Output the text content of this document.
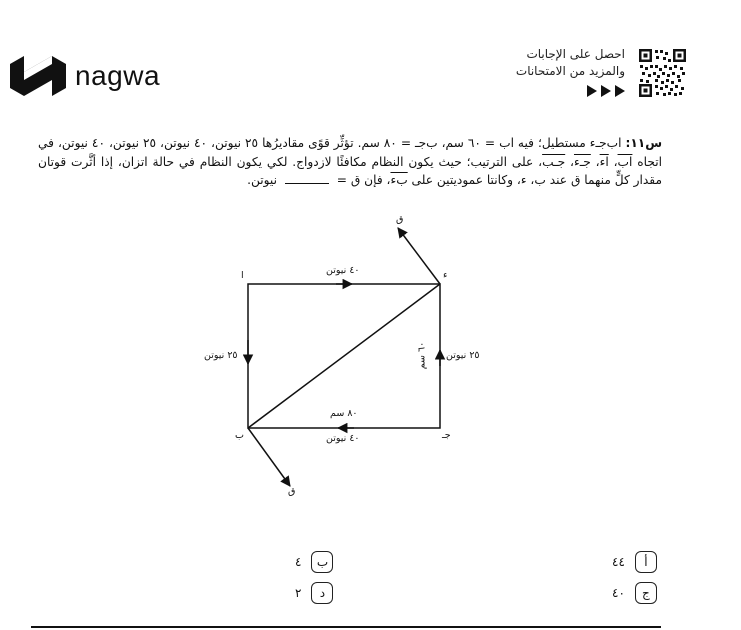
nagwa
احصل على الإجابات
والمزيد من الامتحانات
س١١: اب‌جـ‌ء مستطيل؛ فيه اب = ٦٠ سم، ب‌جـ = ٨٠ سم. تؤثِّر قوًى مقاديرُها ٢٥ نيوتن، ٤٠ نيوتن، ٢٥ نيوتن، ٤٠ نيوتن، في اتجاه اب، اء، جـء، جـب، على الترتيب؛ حيث يكون النظام مكافئًا لازدواج. لكي يكون النظام في حالة اتزان، إذا أثَّرت قوتان مقدار كلٍّ منهما ق عند ب، ء، وكانتا عموديتين على ب‌ء، فإن ق =  نيوتن.
ا
ب	جـ
ء
٤٠ نيوتن
٢٥ نيوتن	٢٥ نيوتن
٤٠ نيوتن
٨٠ سم
٦٠ سم
ق
ق
أ
٤٤
ب
٤
ج
٤٠
د
٢
